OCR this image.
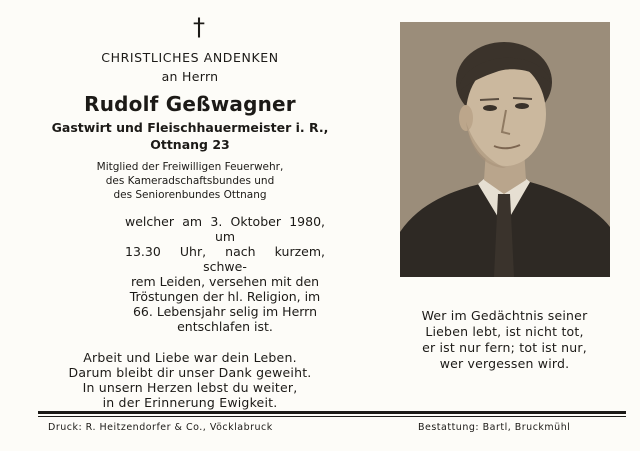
†
CHRISTLICHES ANDENKEN
an Herrn
Rudolf Geßwagner
Gastwirt und Fleischhauermeister i. R.,
Ottnang 23
Mitglied der Freiwilligen Feuerwehr,
des Kameradschaftsbundes und
des Seniorenbundes Ottnang
welcher am 3. Oktober 1980, um
13.30 Uhr, nach kurzem, schwe-
rem Leiden, versehen mit den
Tröstungen der hl. Religion, im
66. Lebensjahr selig im Herrn
entschlafen ist.
Arbeit und Liebe war dein Leben.
Darum bleibt dir unser Dank geweiht.
In unsern Herzen lebst du weiter,
in der Erinnerung Ewigkeit.
Wer im Gedächtnis seiner
Lieben lebt, ist nicht tot,
er ist nur fern; tot ist nur,
wer vergessen wird.
Druck: R. Heitzendorfer & Co., Vöcklabruck	Bestattung: Bartl, Bruckmühl
